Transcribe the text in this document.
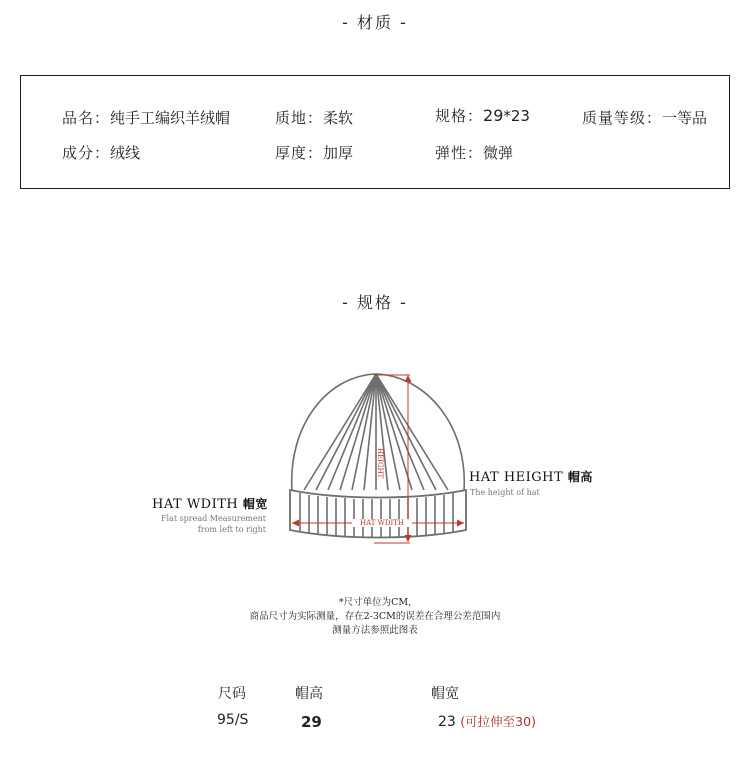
- 材质 -
品名：纯手工编织羊绒帽	质地：柔软	规格：29*23	质量等级：一等品
成分：绒线	厚度：加厚	弹性：微弹
- 规格 -
HEIGHT
HAT WDITH
HAT WDITH 帽宽
Flat spread Measurement
from left to right
HAT HEIGHT 帽高
The height of hat
*尺寸单位为CM,
商品尺寸为实际测量，存在2-3CM的误差在合理公差范围内
测量方法参照此图表
尺码	帽高	帽宽
95/S	29	23 (可拉伸至30)
